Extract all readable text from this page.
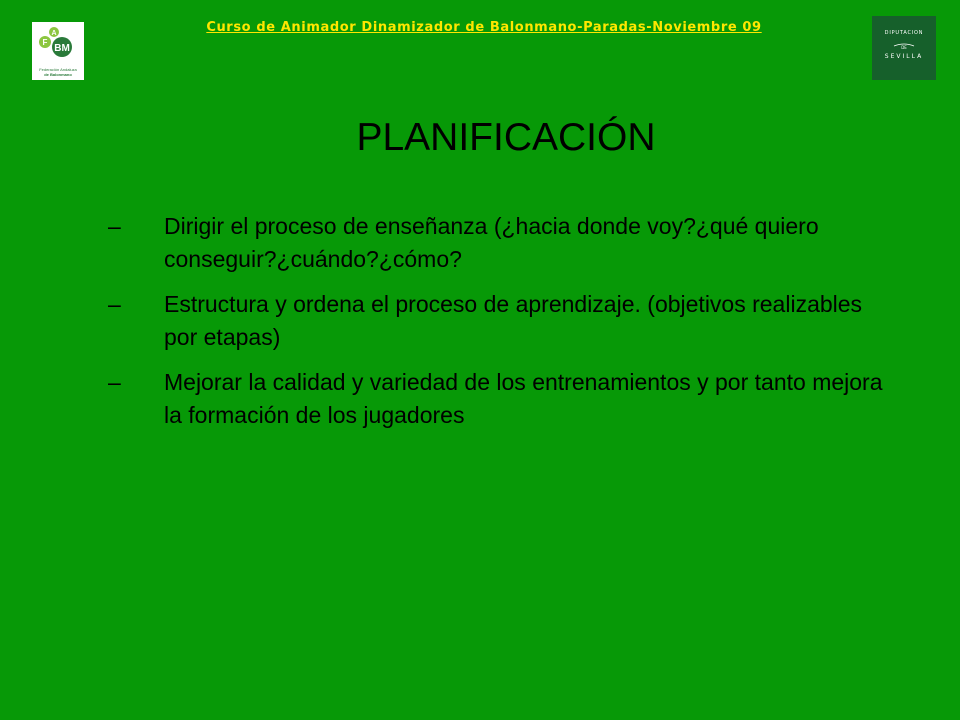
Curso de Animador Dinamizador de Balonmano-Paradas-Noviembre 09
F
A
BM
Federación Andaluza
de Balonmano
DIPUTACION
DE
SEVILLA
PLANIFICACIÓN
– Dirigir el proceso de enseñanza (¿hacia donde voy?¿qué quiero conseguir?¿cuándo?¿cómo?
– Estructura y ordena el proceso de aprendizaje. (objetivos realizables por etapas)
– Mejorar la calidad y variedad de los entrenamientos y por tanto mejora la formación de los jugadores
